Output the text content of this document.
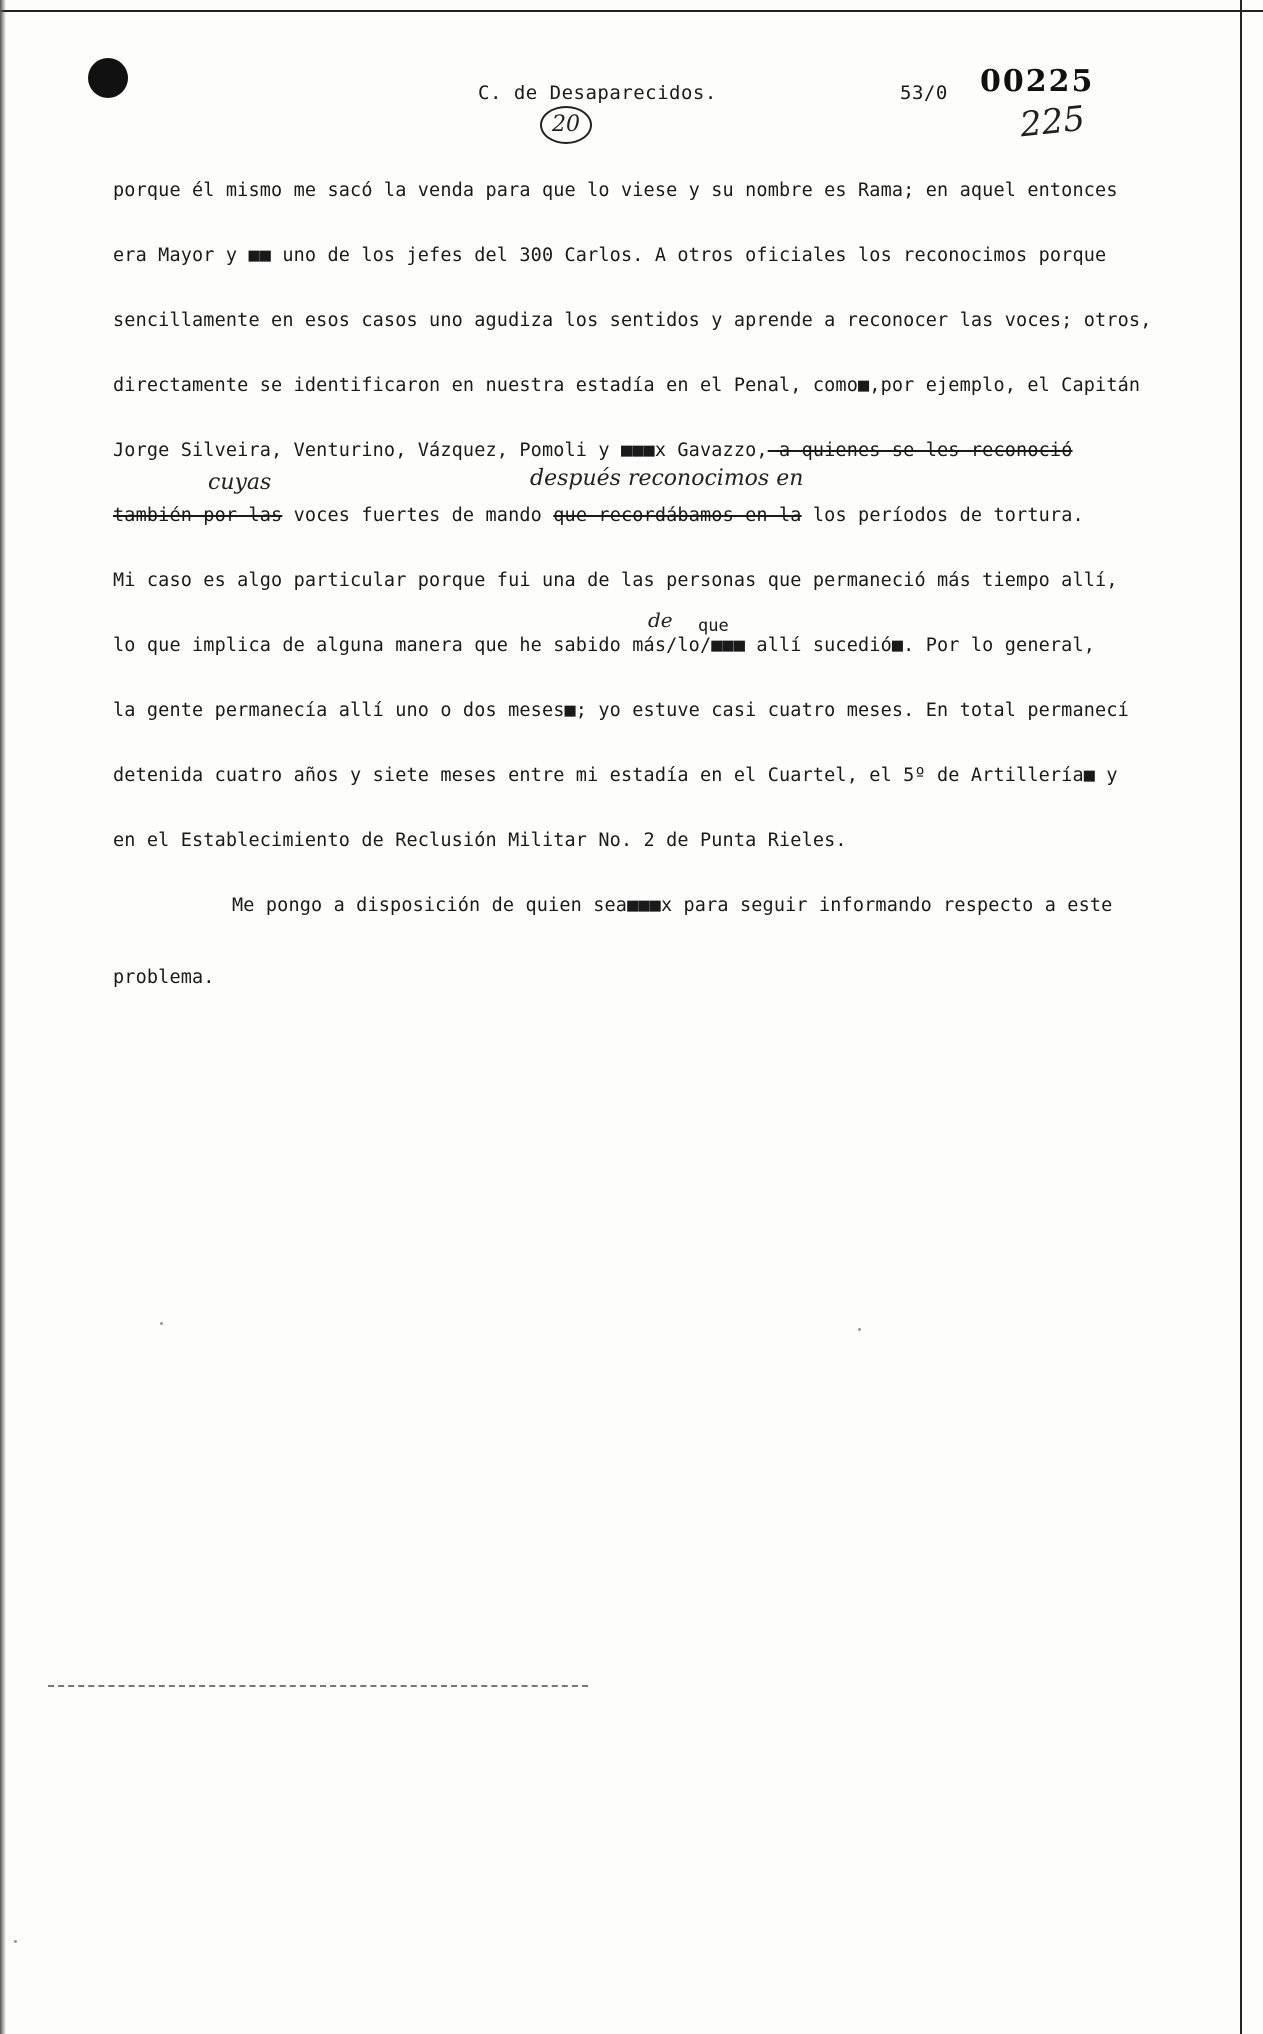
C. de Desaparecidos.	53/0 00225
225
20
porque él mismo me sacó la venda para que lo viese y su nombre es Rama; en aquel entonces
era Mayor y ■■ uno de los jefes del 300 Carlos. A otros oficiales los reconocimos porque
sencillamente en esos casos uno agudiza los sentidos y aprende a reconocer las voces; otros,
directamente se identificaron en nuestra estadía en el Penal, como■,por ejemplo, el Capitán
Jorge Silveira, Venturino, Vázquez, Pomoli y ■■■x Gavazzo, a quienes se les reconoció
cuyas	después reconocimos en
también por las voces fuertes de mando que recordábamos en la los períodos de tortura.
Mi caso es algo particular porque fui una de las personas que permaneció más tiempo allí,
de que
lo que implica de alguna manera que he sabido más/lo/■■■ allí sucedió■. Por lo general,
la gente permanecía allí uno o dos meses■; yo estuve casi cuatro meses. En total permanecí
detenida cuatro años y siete meses entre mi estadía en el Cuartel, el 5º de Artillería■ y
en el Establecimiento de Reclusión Militar No. 2 de Punta Rieles.
Me pongo a disposición de quien sea■■■x para seguir informando respecto a este
problema.
